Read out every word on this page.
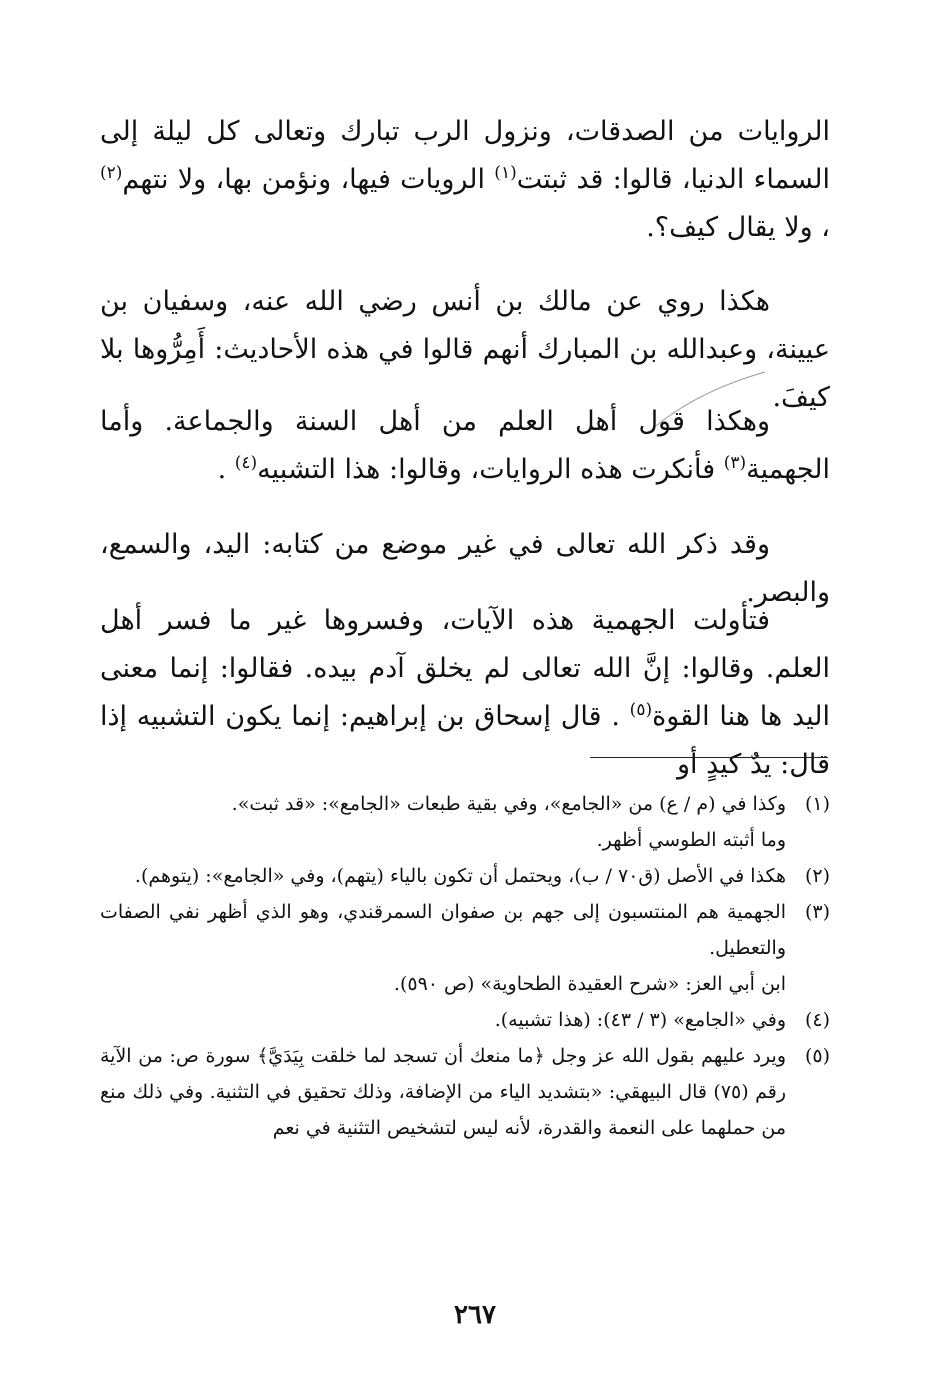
الروايات من الصدقات، ونزول الرب تبارك وتعالى كل ليلة إلى السماء الدنيا، قالوا: قد ثبتت$^{(١)}$ الرويات فيها، ونؤمن بها، ولا نتهم$^{(٢)}$ ، ولا يقال كيف؟.

هكذا روي عن مالك بن أنس رضي الله عنه، وسفيان بن عيينة، وعبدالله بن المبارك أنهم قالوا في هذه الأحاديث: أَمِرُّوها بلا كيفَ.

وهكذا قول أهل العلم من أهل السنة والجماعة. وأما الجهمية$^{(٣)}$ فأنكرت هذه الروايات، وقالوا: هذا التشبيه$^{(٤)}$ .

وقد ذكر الله تعالى في غير موضع من كتابه: اليد، والسمع، والبصر.

فتأولت الجهمية هذه الآيات، وفسروها غير ما فسر أهل العلم. وقالوا: إنَّ الله تعالى لم يخلق آدم بيده. فقالوا: إنما معنى اليد ها هنا القوة$^{(٥)}$ . قال إسحاق بن إبراهيم: إنما يكون التشبيه إذا قال: يدٌ كيدٍ أو

(١)
وكذا في (م / ع) من «الجامع»، وفي بقية طبعات «الجامع»: «قد ثبت».
وما أثبته الطوسي أظهر.
(٢)
هكذا في الأصل (ق٧٠ / ب)، ويحتمل أن تكون بالياء (يتهم)، وفي «الجامع»: (يتوهم).
(٣)
الجهمية هم المنتسبون إلى جهم بن صفوان السمرقندي، وهو الذي أظهر نفي الصفات والتعطيل.
ابن أبي العز: «شرح العقيدة الطحاوية» (ص ٥٩٠).
(٤)
وفي «الجامع» (٣ / ٤٣): (هذا تشبيه).
(٥)
ويرد عليهم بقول الله عز وجل ﴿ما منعك أن تسجد لما خلقت بِيَدَيَّ﴾ سورة ص: من الآية رقم (٧٥) قال البيهقي: «بتشديد الياء من الإضافة، وذلك تحقيق في التثنية. وفي ذلك منع من حملهما على النعمة والقدرة، لأنه ليس لتشخيص التثنية في نعم
٢٦٧
